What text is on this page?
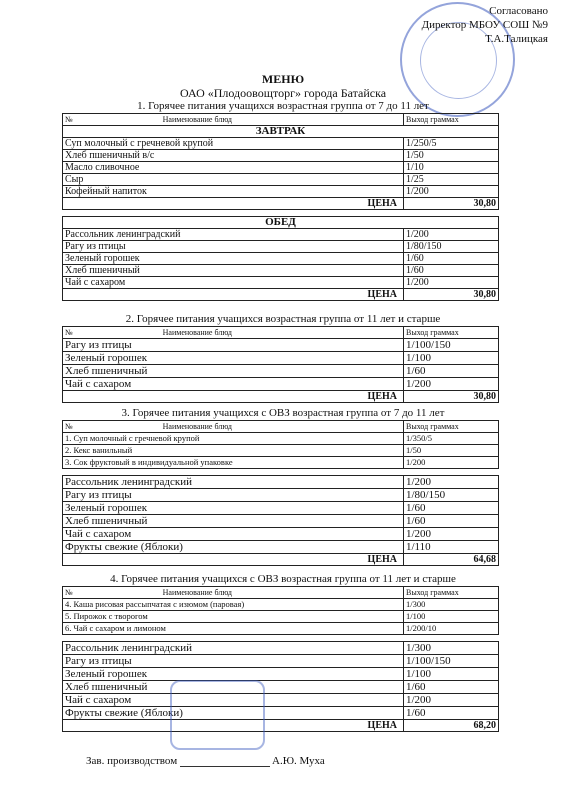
Согласовано
Директор МБОУ СОШ №9
Т.А.Талицкая
МЕНЮ
ОАО «Плодоовощторг» города Батайска
1. Горячее питания учащихся возрастная группа от 7 до 11 лет
№ Наименование блюд	Выход граммах
ЗАВТРАК	
Суп молочный с гречневой крупой	1/250/5
Хлеб пшеничный в/с	1/50
Масло сливочное	1/10
Сыр	1/25
Кофейный напиток	1/200
ЦЕНА	30,80

ОБЕД	
Рассольник ленинградский	1/200
Рагу из птицы	1/80/150
Зеленый горошек	1/60
Хлеб пшеничный	1/60
Чай с сахаром	1/200
ЦЕНА	30,80
2. Горячее питания учащихся возрастная группа от 11 лет и старше
№ Наименование блюд	Выход граммах
Рагу из птицы	1/100/150
Зеленый горошек	1/100
Хлеб пшеничный	1/60
Чай с сахаром	1/200
ЦЕНА	30,80
3. Горячее питания учащихся с ОВЗ возрастная группа от 7 до 11 лет
№ Наименование блюд	Выход граммах
1. Суп молочный с гречневой крупой	1/350/5
2. Кекс ванильный	1/50
3. Сок фруктовый в индивидуальной упаковке	1/200

Рассольник ленинградский	1/200
Рагу из птицы	1/80/150
Зеленый горошек	1/60
Хлеб пшеничный	1/60
Чай с сахаром	1/200
Фрукты свежие (Яблоки)	1/110
ЦЕНА	64,68
4. Горячее питания учащихся с ОВЗ возрастная группа от 11 лет и старше
№ Наименование блюд	Выход граммах
4. Каша рисовая рассыпчатая с изюмом (паровая)	1/300
5. Пирожок с творогом	1/100
6. Чай с сахаром и лимоном	1/200/10

Рассольник ленинградский	1/300
Рагу из птицы	1/100/150
Зеленый горошек	1/100
Хлеб пшеничный	1/60
Чай с сахаром	1/200
Фрукты свежие (Яблоки)	1/60
ЦЕНА	68,20
Зав. производством	А.Ю. Муха
